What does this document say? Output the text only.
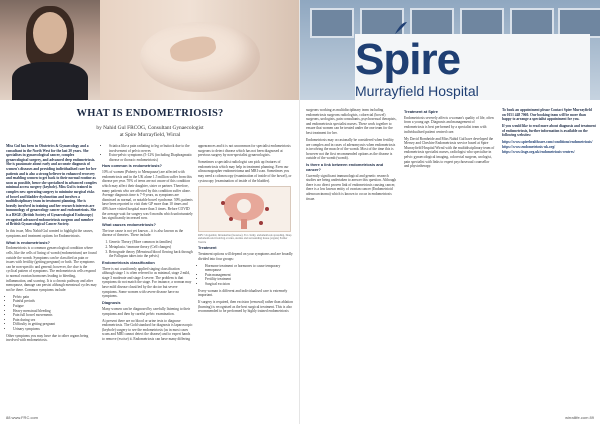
WHAT IS ENDOMETRIOSIS?
by Nahid Gul FRCOG, Consultant Gynaecologist
at Spire Murrayfield, Wirral

Miss Gul has been in Obstetrics & Gynaecology and a consultant in the North West for the last 20 years. She specialises in gynaecological cancer, complex gynaecological surgery, and advanced deep endometriosis. She is passionate about early and accurate diagnosis of women's diseases and providing individualised care for her patients and is also a strong believer in enhanced recovery and enabling women to get back to their normal routine as soon as possible, hence she specialised in advanced complex minimal access surgery (keyhole). Miss Gul is trained in complex new operating surgery to minimise surgical risks of bowel and bladder dysfunction and involves a multidisciplinary team in treatment planning. She is heavily involved in training and her research interests are immunology of gynaecology cancer and endometriosis. She is a BSGE (British Society of Gynaecological Endoscopy) recognised advanced endometriosis surgeon and member of British Gynaecological Cancer Society.

In this issue, Miss Nahid Gul wanted to highlight the causes, symptoms and treatment options for Endometriosis.

What is endometriosis?

Endometriosis is a common gynaecological condition where cells, like the cells of lining of womb (endometrium) are found outside the womb. Symptoms can be classified as pain or issues with fertility (getting pregnant) or both. The symptoms can be non-specific and general; however, the clue is the cyclical pattern of symptoms. The endometriosis cells respond to normal ovarian hormones leading to bleeding, inflammation, and scarring. It is a chronic pathway and after menopause, damage can persist although menstrual cycles may not be there. Common symptoms include:

• Pelvic pain
• Painful periods
• Fatigue
• Heavy menstrual bleeding
• Pain full bowel movements
• Pain during sex
• Difficulty in getting pregnant
• Urinary symptoms

Other symptoms you may have due to other organs being involved with endometriosis.

• Sciatica like a pain radiating to leg or buttock due to the involvement of pelvic nerves
• Extra-pelvic symptoms (5-12% (including Diaphragmatic disease or thoracic endometriosis)
How common is endometriosis?

10% of women (Puberty to Menopause) are affected with endometriosis and in the UK alone 1.5 million suffer from this disease per year. 70% of teens are not aware of this condition which may affect their daughter, sister or partner. Therefore, many patients who are affected by this condition suffer alone. Average diagnosis time is 7-9 years, as symptoms are dismissed as normal, or notable bowel syndrome. 50% patients have been reported to visit their GP more than 10 times and 40% have visited hospital more than 3 times. Before COVID the average wait for surgery was 6 months which unfortunately has significantly increased now.

What causes endometriosis?

The true cause is not yet known – it is also known as the disease of theories. These include:

1. Genetic Theory (More common in families)
2. Metaplasia / immune theory (Cell changes)
3. Retrograde theory (Menstrual blood flowing back through the Fallopian tubes into the pelvis)
Endometriosis classification

There is not a uniformly applied staging classification although stage 1 is often referred to as minimal, stage 2 mild, stage 3 moderate and stage 4 severe. The problem is that symptoms do not match the stage. For instance, a woman may have mild disease classified by the doctor but severe symptoms. Some women with severe disease have no symptoms.

Diagnosis

Many women can be diagnosed by carefully listening to their symptoms and then by careful pelvic examination.

At present there are no blood or urine tests to diagnose endometriosis. The Gold standard for diagnosis is laparoscopic (keyhole) surgery to see the endometriosis (as in most cases scans and MRI cannot detect the disease) and to expert hands to remove (excise) it. Endometriosis can have many differing

appearances and it is not uncommon for specialist endometriosis surgeons to detect disease which has not been diagnosed at previous surgery by non-specialist gynaecologists.

Sometimes a specialist radiologist can pick up features of endometriosis which may help in treatment planning. Even our ultrasonographer endometrioma and MRI scan. Sometimes you may need a colonoscopy (examination of inside of the bowel), or cystoscopy (examination of inside of the bladder).

RPS: Urogenital, Intrauterine (Isosetoe). For clarity, endometriosis spreading, Deep endometriosis involving ovaries, uterine and surrounding tissue (organs) Earlier Vesicle
Treatment

Treatment options will depend on your symptoms and are broadly divided into four groups:

• Hormone treatment or hormones to cause temporary menopause
• Pain management
• Fertility treatment
• Surgical excision

Every woman is different and individualised care is extremely important.

If surgery is required, then excision (removal) rather than ablation (burning) is recognised as the best surgical treatment. This is also recommended to be performed by highly trained endometriosis

88 www.FRC.com
Spire
Murrayfield Hospital

surgeons working as multidisciplinary team including endometriosis surgeons radiologists, colorectal (bowel) surgeons, urologists, pain consultants, psychosexual therapists, and endometriosis specialist nurses. These work together to ensure that women can be treated under the one team for the best treatment for her.

Endometriosis may occasionally be considered when fertility are complex and in cases of adenomyosis when endometriosis is involving the muscle of the womb. Most of the time this is however not the first recommended options as the disease is outside of the womb (womb).

Is there a link between endometriosis and cancer?

Currently significant immunological and genetic research studies are being undertaken to answer this question. Although there is no direct proven link of endometriosis causing cancer, there is a low known entity of ovarian cancer (Endometrioid adenocarcinoma) which is known to occur in endometriosis tissue.

Treatment at Spire

Endometriosis severely affects a woman's quality of life, often from a young age. Diagnosis and management of endometriosis is best performed by a specialist team with individualised patient centred care.

My David Bornheide and Miss Nahid Gul have developed the Mersey and Cheshire Endometriosis service based at Spire Murrayfield Hospital Wirral with the multidisciplinary team of endometriosis specialist nurses, radiologist who specialise in pelvic gynaecological imaging, colorectal surgeon, urologist, pain specialist with links to expert psychosexual counsellor and physiotherapy.

To book an appointment please Contact Spire Murrayfield on 0151 448 7060. Our booking team will be more than happy to arrange a specialist appointment for you.

If you would like to read more about diagnosis and treatment of endometriosis, further information is available on the following websites:

https://www.spirehealthcare.com/conditions/endometriosis/
https://www.endometriosis-uk.org/
https://www.bsge.org.uk/endometriosis-centres/

wirrallife.com 89
